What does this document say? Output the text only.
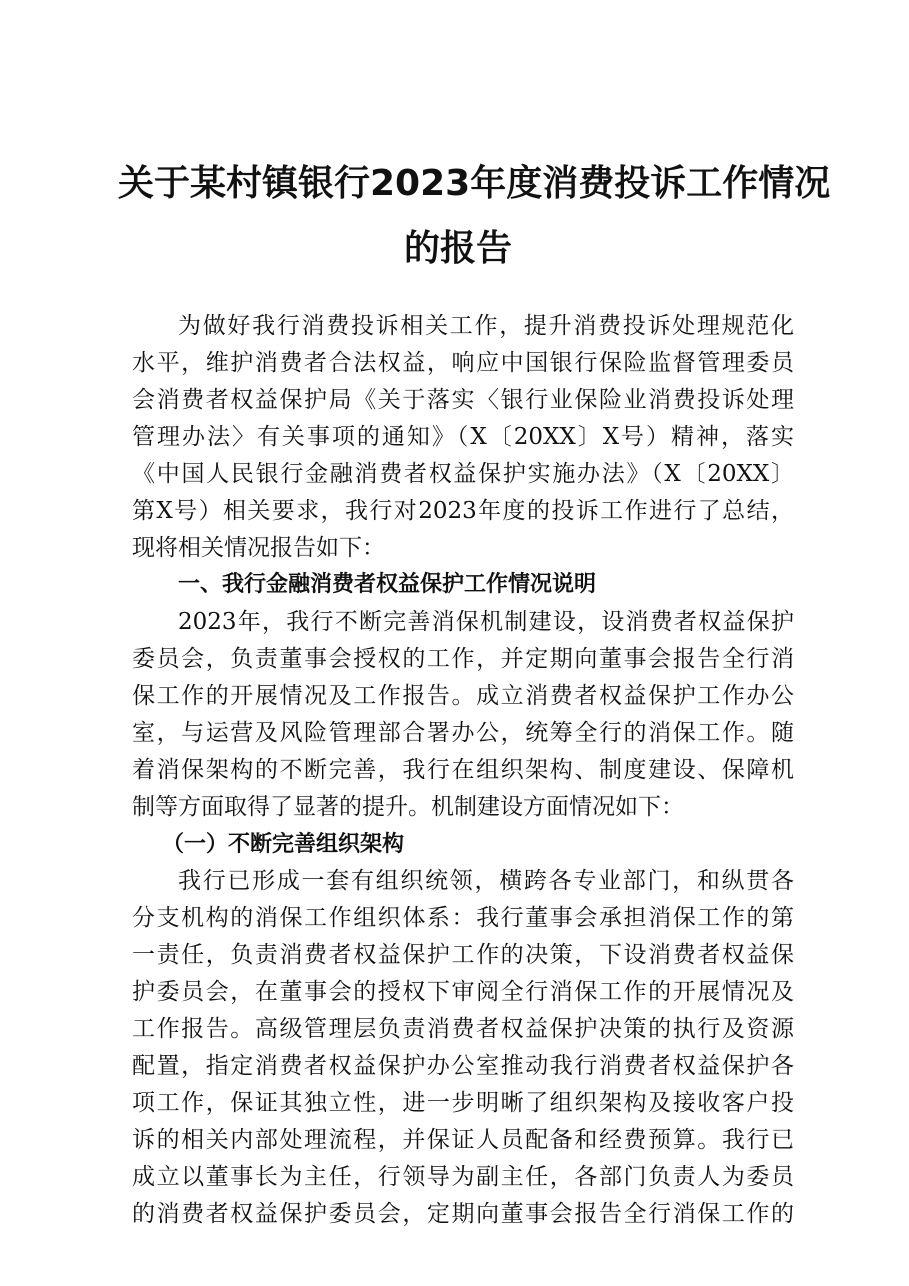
关于某村镇银行2023年度消费投诉工作情况
的报告

为做好我行消费投诉相关工作，提升消费投诉处理规范化

水平，维护消费者合法权益，响应中国银行保险监督管理委员

会消费者权益保护局《关于落实〈银行业保险业消费投诉处理

管理办法〉有关事项的通知》（X〔20XX〕X号）精神，落实

《中国人民银行金融消费者权益保护实施办法》（X〔20XX〕

第X号）相关要求，我行对2023年度的投诉工作进行了总结，

现将相关情况报告如下：

一、我行金融消费者权益保护工作情况说明

2023年，我行不断完善消保机制建设，设消费者权益保护

委员会，负责董事会授权的工作，并定期向董事会报告全行消

保工作的开展情况及工作报告。成立消费者权益保护工作办公

室，与运营及风险管理部合署办公，统筹全行的消保工作。随

着消保架构的不断完善，我行在组织架构、制度建设、保障机

制等方面取得了显著的提升。机制建设方面情况如下：

（一）不断完善组织架构

我行已形成一套有组织统领，横跨各专业部门，和纵贯各

分支机构的消保工作组织体系：我行董事会承担消保工作的第

一责任，负责消费者权益保护工作的决策，下设消费者权益保

护委员会，在董事会的授权下审阅全行消保工作的开展情况及

工作报告。高级管理层负责消费者权益保护决策的执行及资源

配置，指定消费者权益保护办公室推动我行消费者权益保护各

项工作，保证其独立性，进一步明晰了组织架构及接收客户投

诉的相关内部处理流程，并保证人员配备和经费预算。我行已

成立以董事长为主任，行领导为副主任，各部门负责人为委员

的消费者权益保护委员会，定期向董事会报告全行消保工作的
